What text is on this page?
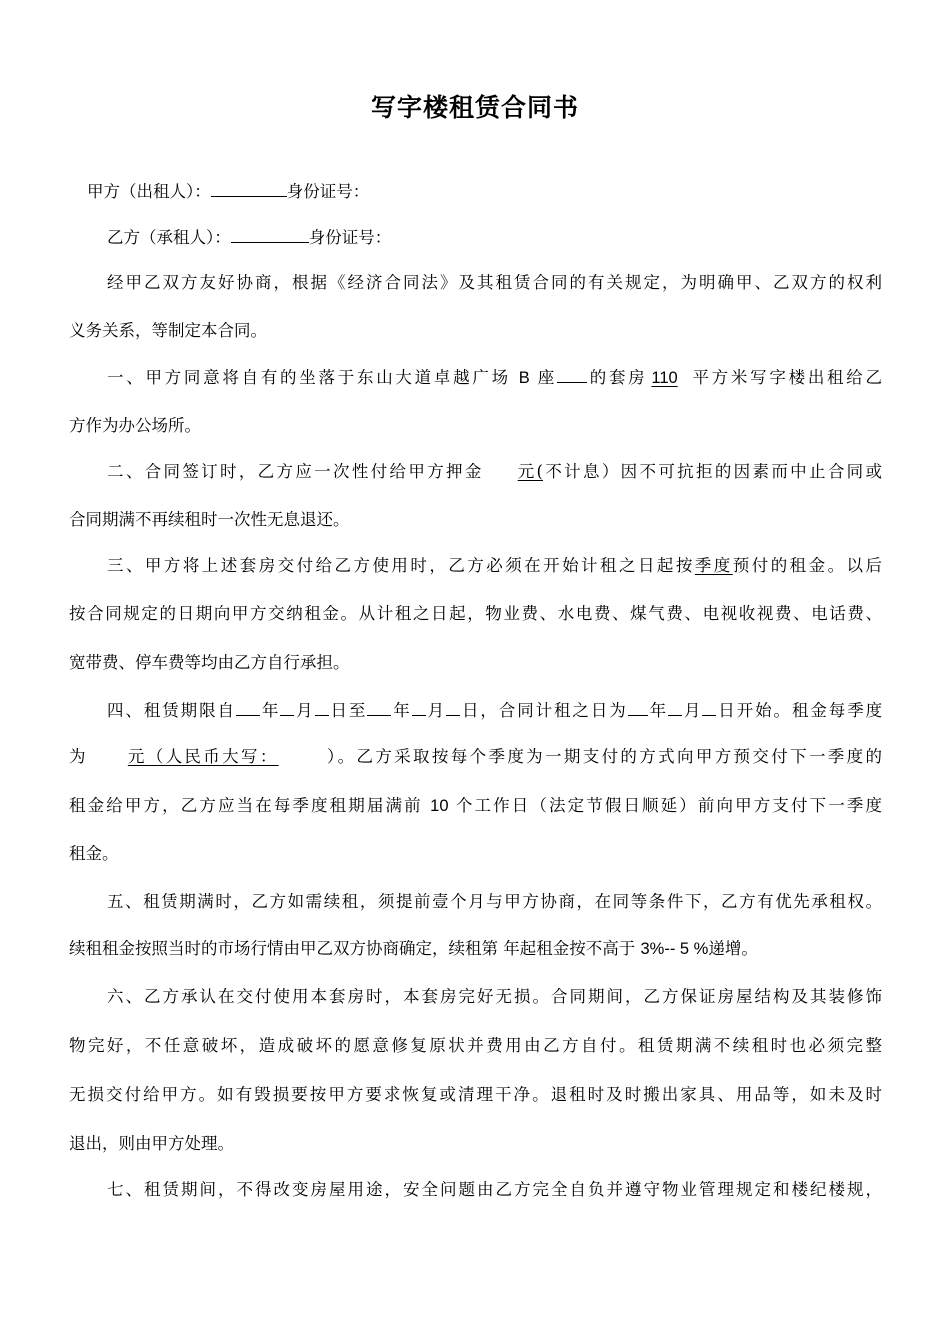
写字楼租赁合同书
甲方（出租人）：	身份证号：
乙方（承租人）：	身份证号：
经甲乙双方友好协商，根据《经济合同法》及其租赁合同的有关规定，为明确甲、乙双方的权利
义务关系，等制定本合同。
一、甲方同意将自有的坐落于东山大道卓越广场 B 座 的套房 110 平方米写字楼出租给乙
方作为办公场所。
二、合同签订时，乙方应一次性付给甲方押金 元(不计息）因不可抗拒的因素而中止合同或
合同期满不再续租时一次性无息退还。
三、甲方将上述套房交付给乙方使用时，乙方必须在开始计租之日起按季度预付的租金。以后
按合同规定的日期向甲方交纳租金。从计租之日起，物业费、水电费、煤气费、电视收视费、电话费、
宽带费、停车费等均由乙方自行承担。
四、租赁期限自 年 月 日至 年 月 日，合同计租之日为 年 月 日开始。租金每季度
为 元（人民币大写：	）。乙方采取按每个季度为一期支付的方式向甲方预交付下一季度的
租金给甲方，乙方应当在每季度租期届满前 10 个工作日（法定节假日顺延）前向甲方支付下一季度
租金。
五、租赁期满时，乙方如需续租，须提前壹个月与甲方协商，在同等条件下，乙方有优先承租权。
续租租金按照当时的市场行情由甲乙双方协商确定，续租第 年起租金按不高于 3%-- 5 %递增。
六、乙方承认在交付使用本套房时，本套房完好无损。合同期间，乙方保证房屋结构及其装修饰
物完好，不任意破坏，造成破坏的愿意修复原状并费用由乙方自付。租赁期满不续租时也必须完整
无损交付给甲方。如有毁损要按甲方要求恢复或清理干净。退租时及时搬出家具、用品等，如未及时
退出，则由甲方处理。
七、租赁期间，不得改变房屋用途，安全问题由乙方完全自负并遵守物业管理规定和楼纪楼规，
